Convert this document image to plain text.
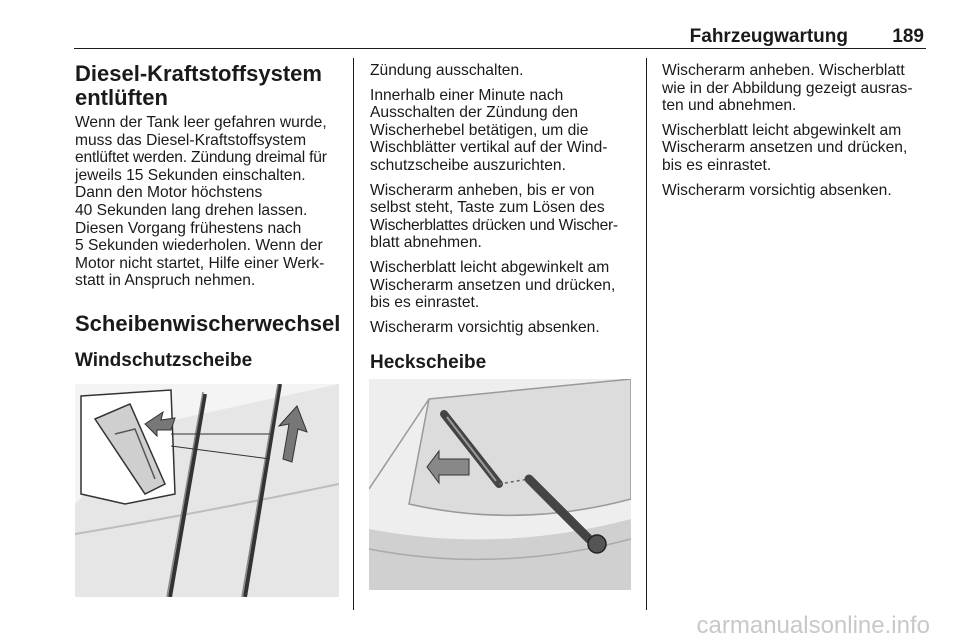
Fahrzeugwartung 189
Diesel-Kraftstoffsystem entlüften
Wenn der Tank leer gefahren wurde,
muss das Diesel-Kraftstoffsystem
entlüftet werden. Zündung dreimal für
jeweils 15 Sekunden einschalten.
Dann den Motor höchstens
40 Sekunden lang drehen lassen.
Diesen Vorgang frühestens nach
5 Sekunden wiederholen. Wenn der
Motor nicht startet, Hilfe einer Werk-
statt in Anspruch nehmen.
Scheibenwischerwechsel
Windschutzscheibe

Zündung ausschalten.

Innerhalb einer Minute nach
Ausschalten der Zündung den
Wischerhebel betätigen, um die
Wischblätter vertikal auf der Wind-
schutzscheibe auszurichten.

Wischerarm anheben, bis er von
selbst steht, Taste zum Lösen des
Wischerblattes drücken und Wischer-
blatt abnehmen.

Wischerblatt leicht abgewinkelt am
Wischerarm ansetzen und drücken,
bis es einrastet.

Wischerarm vorsichtig absenken.

Heckscheibe

Wischerarm anheben. Wischerblatt
wie in der Abbildung gezeigt ausras-
ten und abnehmen.

Wischerblatt leicht abgewinkelt am
Wischerarm ansetzen und drücken,
bis es einrastet.

Wischerarm vorsichtig absenken.

carmanualsonline.info
